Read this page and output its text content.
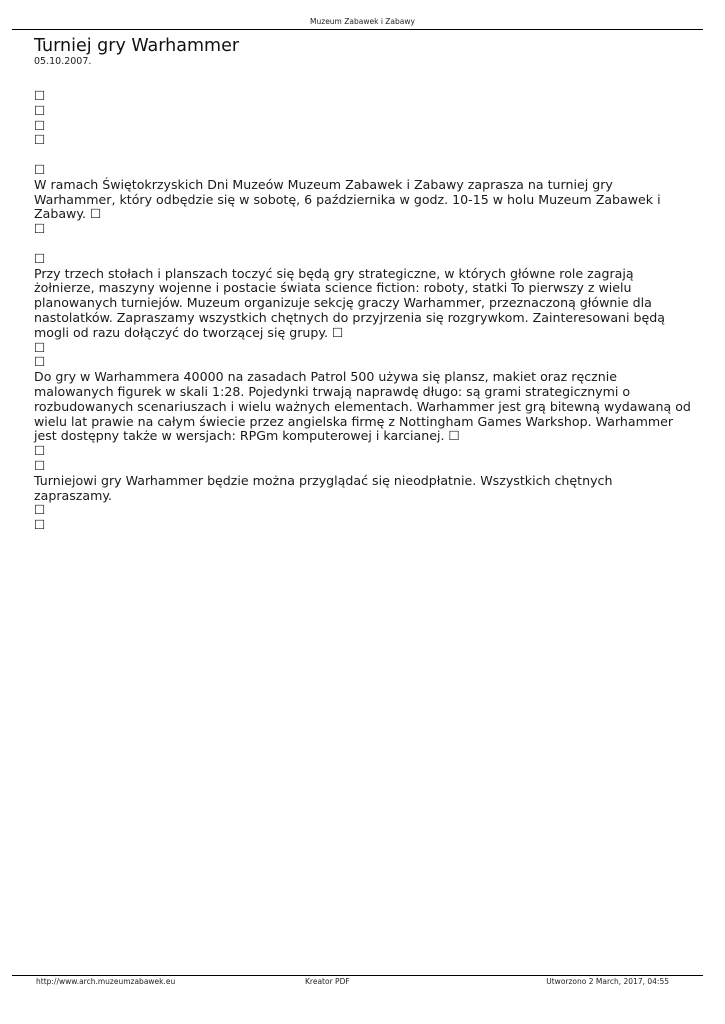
Muzeum Zabawek i Zabawy
Turniej gry Warhammer
05.10.2007.
☐
☐
☐
☐
☐
W ramach Świętokrzyskich Dni Muzeów Muzeum Zabawek i Zabawy zaprasza na turniej gry Warhammer, który odbędzie się w sobotę, 6 października w godz. 10-15 w holu Muzeum Zabawek i Zabawy. ☐
☐
☐
Przy trzech stołach i planszach toczyć się będą gry strategiczne, w których główne role zagrają żołnierze, maszyny wojenne i postacie świata science fiction: roboty, statki To pierwszy z wielu planowanych turniejów. Muzeum organizuje sekcję graczy Warhammer, przeznaczoną głównie dla nastolatków. Zapraszamy wszystkich chętnych do przyjrzenia się rozgrywkom. Zainteresowani będą mogli od razu dołączyć do tworzącej się grupy. ☐
☐
☐
Do gry w Warhammera 40000 na zasadach Patrol 500 używa się plansz, makiet oraz ręcznie malowanych figurek w skali 1:28. Pojedynki trwają naprawdę długo: są grami strategicznymi o rozbudowanych scenariuszach i wielu ważnych elementach. Warhammer jest grą bitewną wydawaną od wielu lat prawie na całym świecie przez angielska firmę z Nottingham Games Warkshop. Warhammer jest dostępny także w wersjach: RPGm komputerowej i karcianej. ☐
☐
☐
Turniejowi gry Warhammer będzie można przyglądać się nieodpłatnie. Wszystkich chętnych zapraszamy.
☐
☐
http://www.arch.muzeumzabawek.eu	Kreator PDF	Utworzono 2 March, 2017, 04:55
